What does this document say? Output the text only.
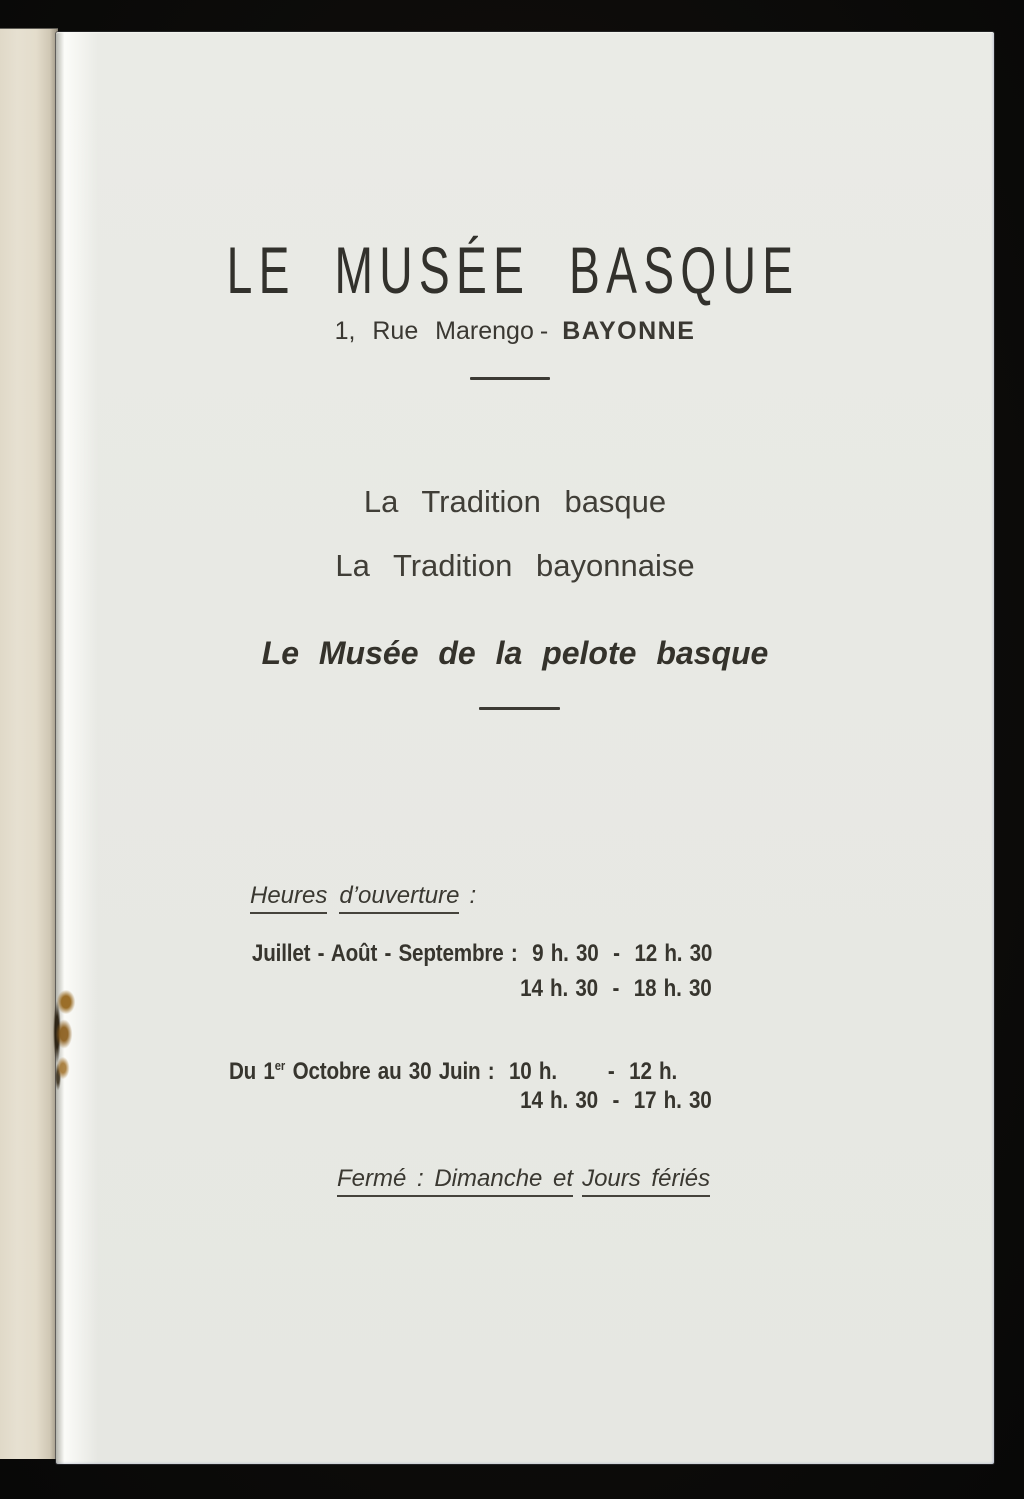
LE MUSÉE BASQUE
1, Rue Marengo - BAYONNE
La Tradition basque
La Tradition bayonnaise
Le Musée de la pelote basque
Heures d’ouverture :
Juillet - Août - Septembre :  9 h. 30  -  12 h. 30
14 h. 30  -  18 h. 30
Du 1er Octobre au 30 Juin :  10 h.       -  12 h.
14 h. 30  -  17 h. 30
Fermé : Dimanche et Jours fériés
